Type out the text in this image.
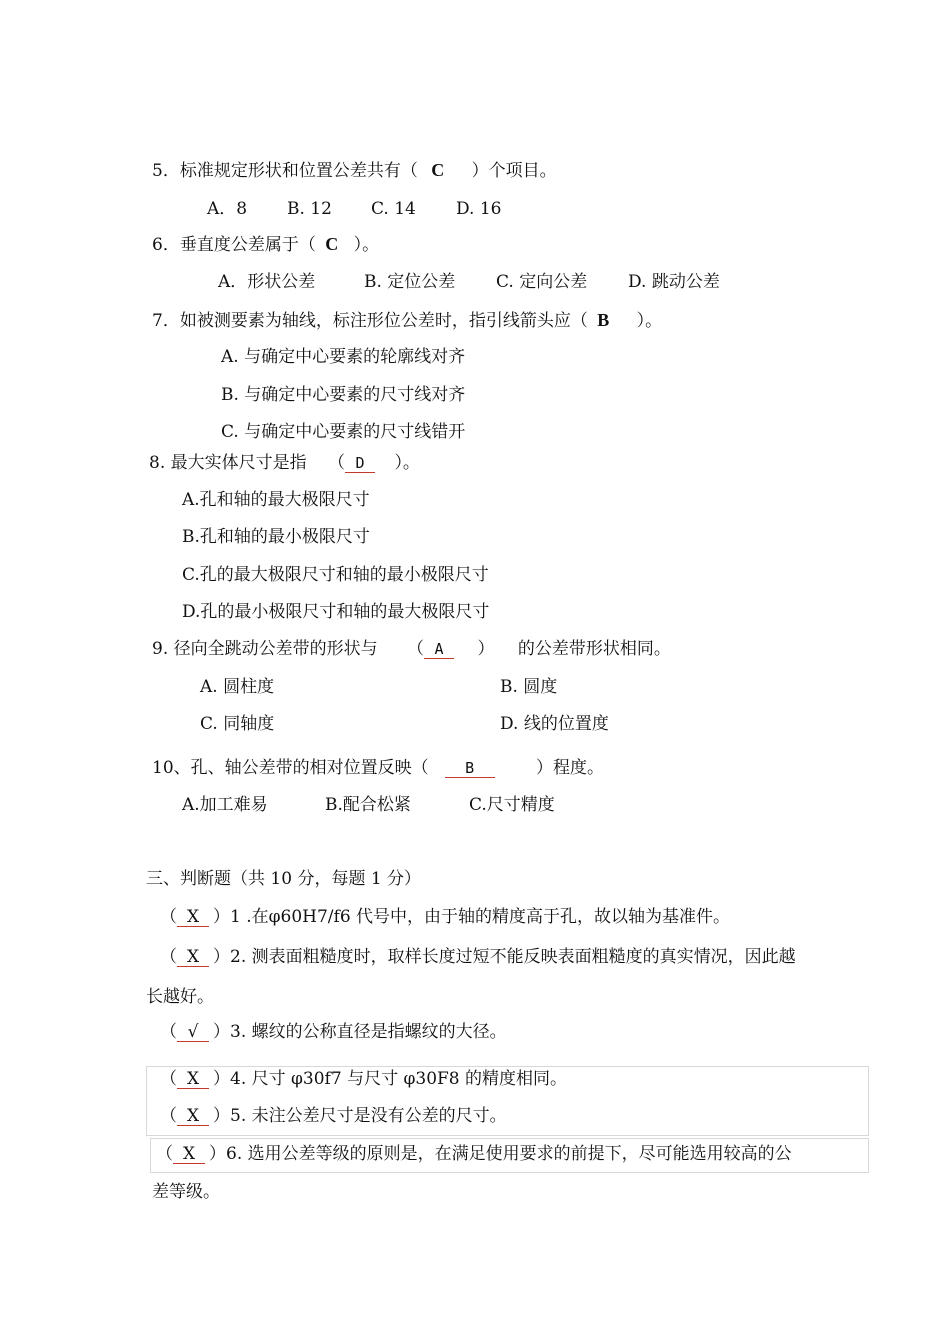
5．标准规定形状和位置公差共有（ C ）个项目。
A．8 B. 12 C. 14 D. 16
6．垂直度公差属于（ C ）。
A．形状公差	B. 定位公差 C. 定向公差 D. 跳动公差
7．如被测要素为轴线，标注形位公差时，指引线箭头应（ B ）。
A. 与确定中心要素的轮廓线对齐
B. 与确定中心要素的尺寸线对齐
C. 与确定中心要素的尺寸线错开
8. 最大实体尺寸是指 （ D ）。
A.孔和轴的最大极限尺寸
B.孔和轴的最小极限尺寸
C.孔的最大极限尺寸和轴的最小极限尺寸
D.孔的最小极限尺寸和轴的最大极限尺寸
9. 径向全跳动公差带的形状与 （ A ） 的公差带形状相同。
A. 圆柱度	B. 圆度
C. 同轴度	D. 线的位置度
10、孔、轴公差带的相对位置反映（ B	）程度。
A.加工难易	B.配合松紧	C.尺寸精度
三、判断题（共 10 分，每题 1 分）
（ X ）1 .在φ60H7/f6 代号中，由于轴的精度高于孔，故以轴为基准件。
（ X ）2. 测表面粗糙度时，取样长度过短不能反映表面粗糙度的真实情况，因此越
长越好。
（ √ ）3. 螺纹的公称直径是指螺纹的大径。
（ X ）4. 尺寸 φ30f7 与尺寸 φ30F8 的精度相同。
（ X ）5. 未注公差尺寸是没有公差的尺寸。
（ X ）6. 选用公差等级的原则是，在满足使用要求的前提下，尽可能选用较高的公
差等级。
